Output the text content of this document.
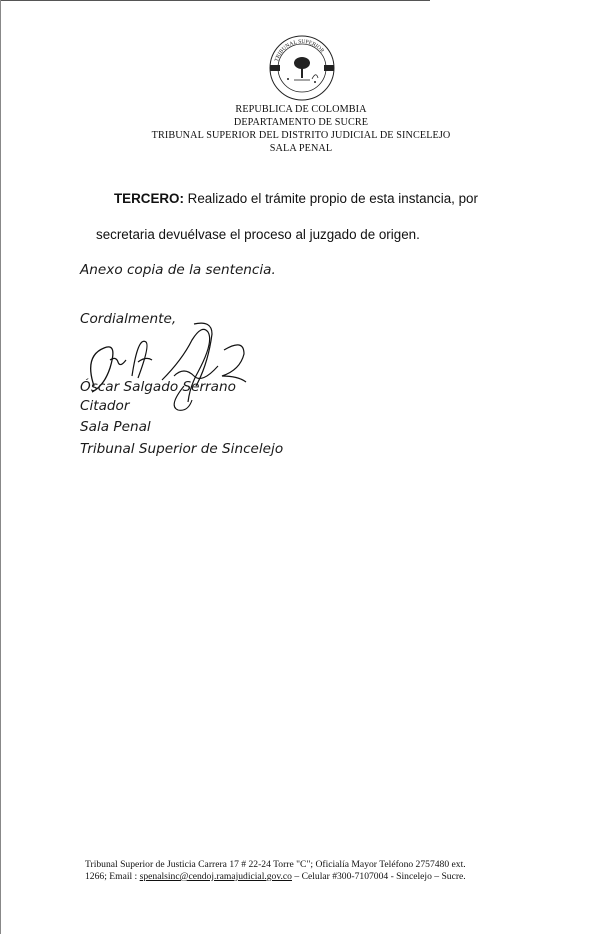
TRIBUNAL SUPERIOR
REPUBLICA DE COLOMBIA
DEPARTAMENTO DE SUCRE
TRIBUNAL SUPERIOR DEL DISTRITO JUDICIAL DE SINCELEJO
SALA PENAL
TERCERO: Realizado el trámite propio de esta instancia, por
secretaria devuélvase el proceso al juzgado de origen.
Anexo copia de la sentencia.
Cordialmente,
Óscar Salgado Serrano
Citador
Sala Penal
Tribunal Superior de Sincelejo
Tribunal Superior de Justicia Carrera 17 # 22-24 Torre "C"; Oficialía Mayor Teléfono 2757480 ext.
1266; Email : spenalsinc@cendoj.ramajudicial.gov.co – Celular #300-7107004 - Sincelejo – Sucre.
